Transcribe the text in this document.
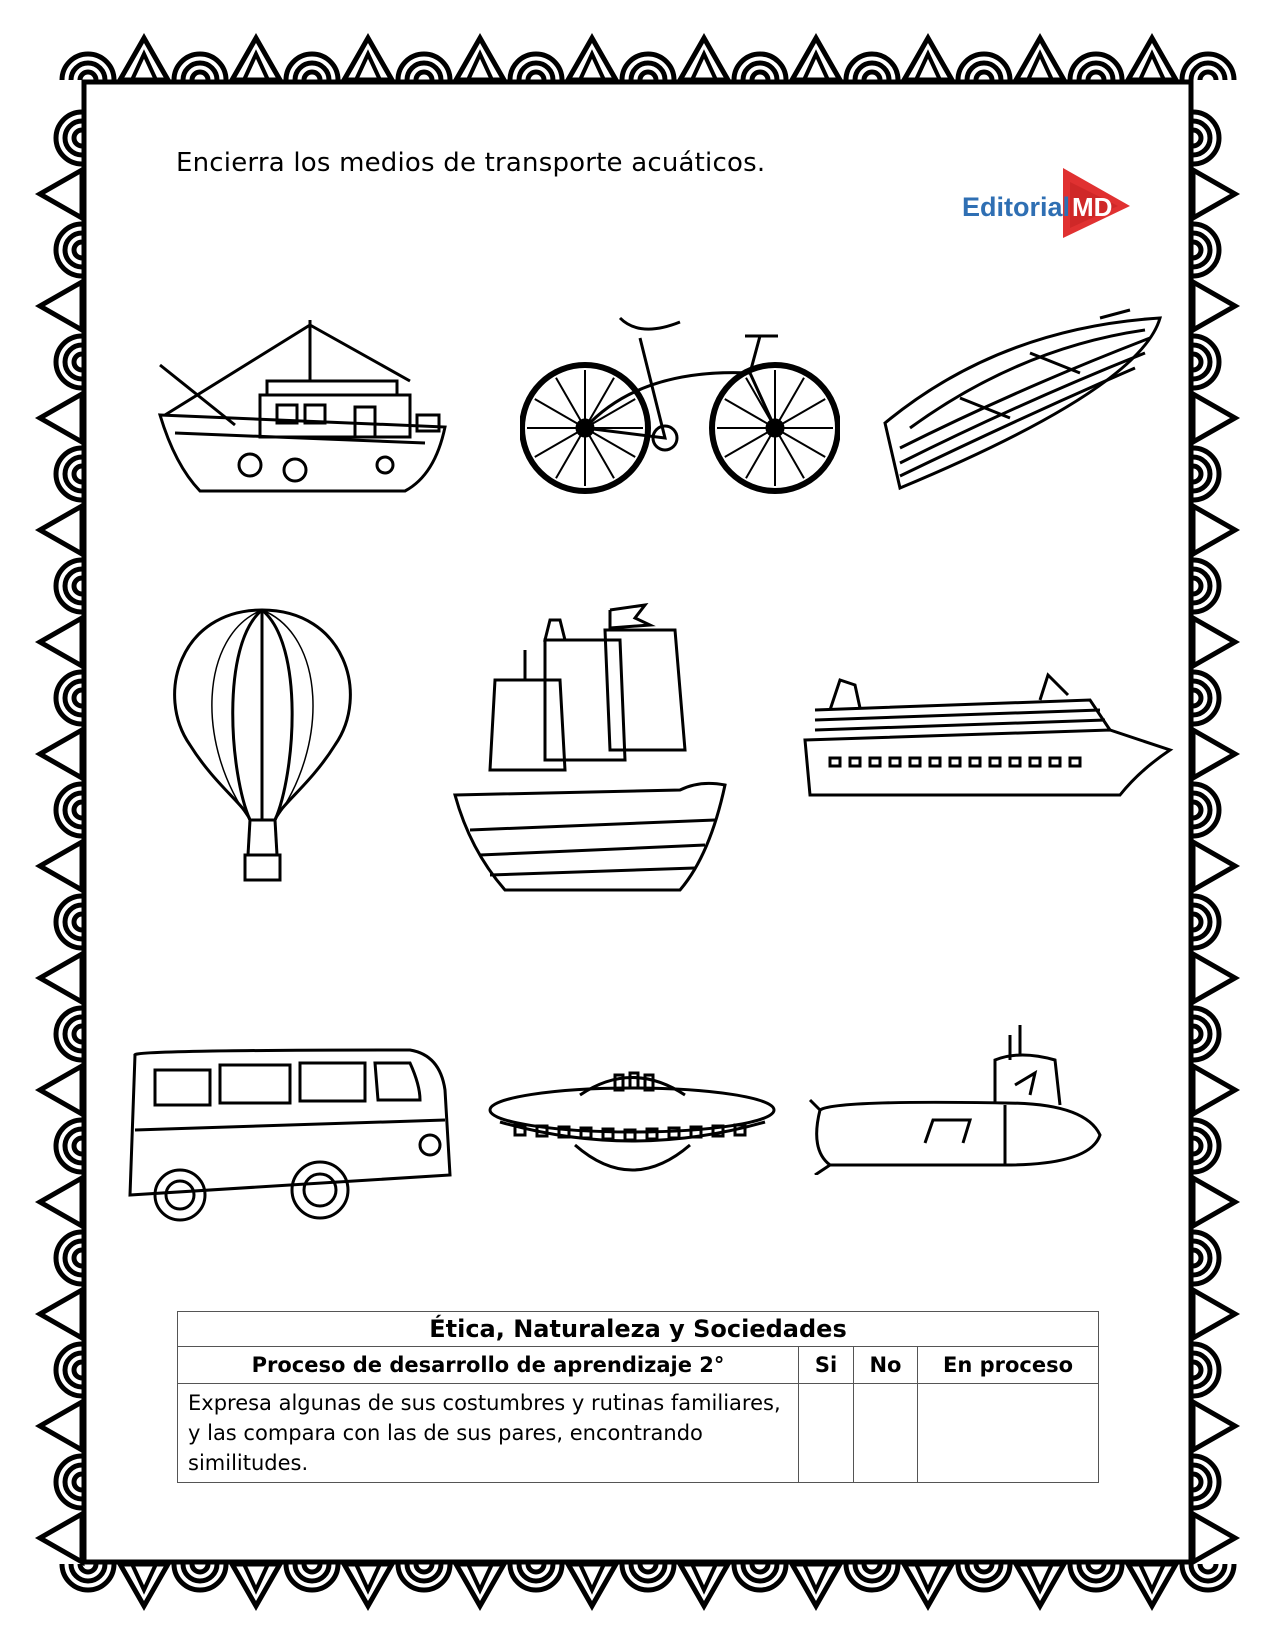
Encierra los medios de transporte acuáticos.
EditorialMD
Ética, Naturaleza y Sociedades			
Proceso de desarrollo de aprendizaje 2°	Si	No	En proceso
Expresa algunas de sus costumbres y rutinas familiares, y las compara con las de sus pares, encontrando similitudes.			
